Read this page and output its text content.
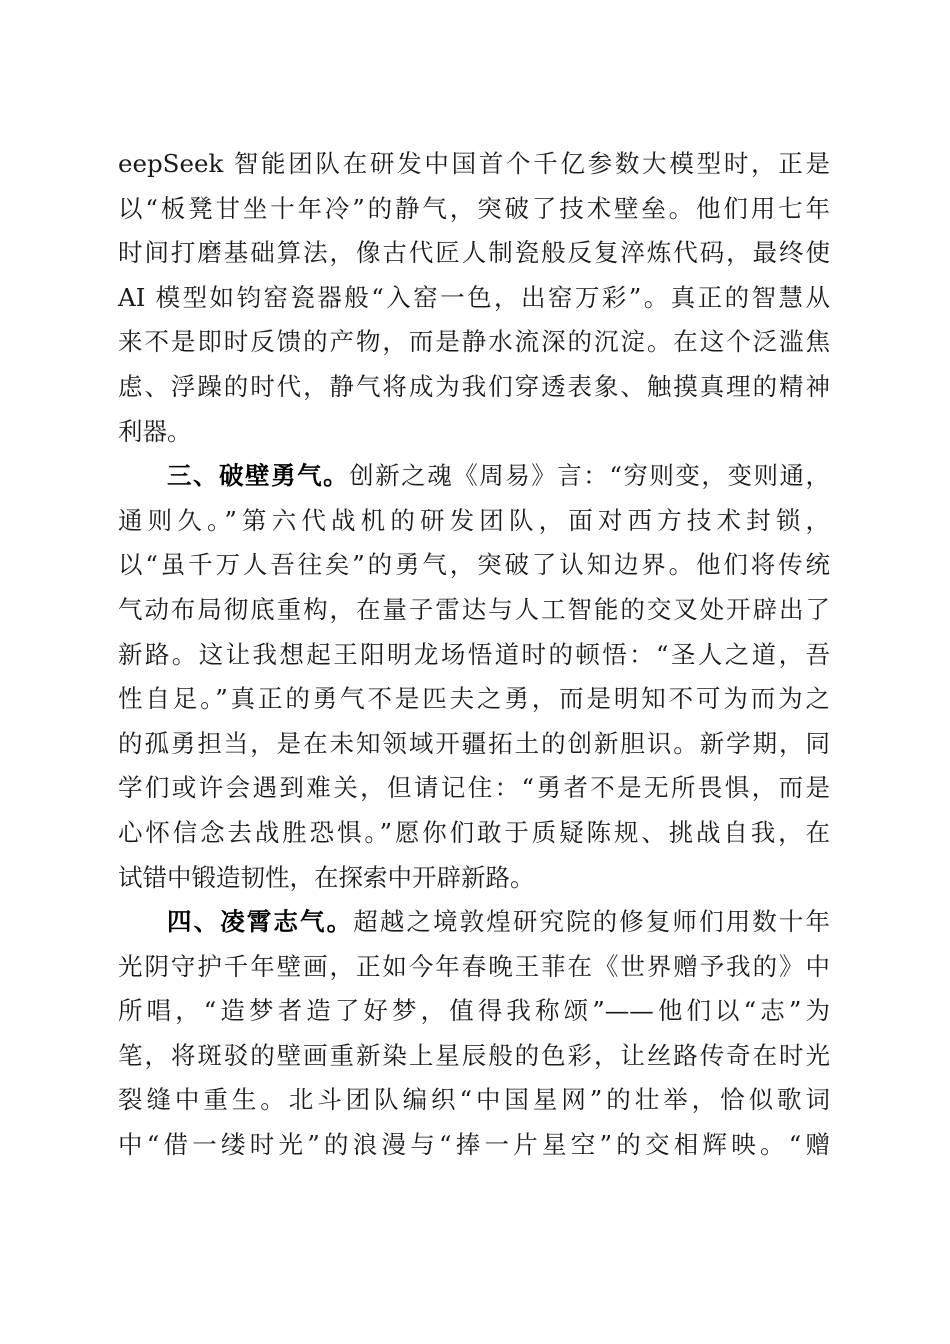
eepSeek 智能团队在研发中国首个千亿参数大模型时，正是
以“板凳甘坐十年冷”的静气，突破了技术壁垒。他们用七年
时间打磨基础算法，像古代匠人制瓷般反复淬炼代码，最终使
AI 模型如钧窑瓷器般“入窑一色，出窑万彩”。真正的智慧从
来不是即时反馈的产物，而是静水流深的沉淀。在这个泛滥焦
虑、浮躁的时代，静气将成为我们穿透表象、触摸真理的精神
利器。
三、破壁勇气。创新之魂《周易》言：“穷则变，变则通，
通则久。”第六代战机的研发团队，面对西方技术封锁，
以“虽千万人吾往矣”的勇气，突破了认知边界。他们将传统
气动布局彻底重构，在量子雷达与人工智能的交叉处开辟出了
新路。这让我想起王阳明龙场悟道时的顿悟：“圣人之道，吾
性自足。”真正的勇气不是匹夫之勇，而是明知不可为而为之
的孤勇担当，是在未知领域开疆拓土的创新胆识。新学期，同
学们或许会遇到难关，但请记住：“勇者不是无所畏惧，而是
心怀信念去战胜恐惧。”愿你们敢于质疑陈规、挑战自我，在
试错中锻造韧性，在探索中开辟新路。
四、凌霄志气。超越之境敦煌研究院的修复师们用数十年
光阴守护千年壁画，正如今年春晚王菲在《世界赠予我的》中
所唱，“造梦者造了好梦，值得我称颂”——他们以“志”为
笔，将斑驳的壁画重新染上星辰般的色彩，让丝路传奇在时光
裂缝中重生。北斗团队编织“中国星网”的壮举，恰似歌词
中“借一缕时光”的浪漫与“捧一片星空”的交相辉映。“赠
